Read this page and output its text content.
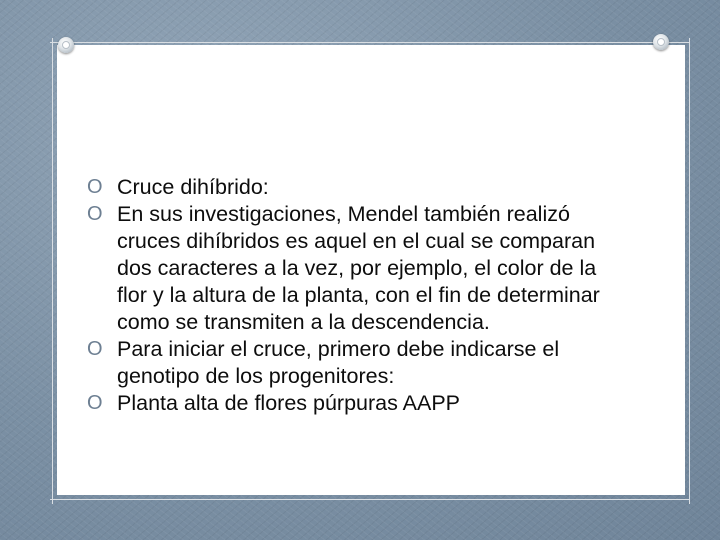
O Cruce dihíbrido:
O En sus investigaciones, Mendel también realizó cruces dihíbridos es aquel en el cual se comparan dos caracteres a la vez, por ejemplo, el color de la flor y la altura de la planta, con el fin de determinar como se transmiten a la descendencia.
O Para iniciar el cruce, primero debe indicarse el genotipo de los progenitores:
O Planta alta de flores púrpuras AAPP
